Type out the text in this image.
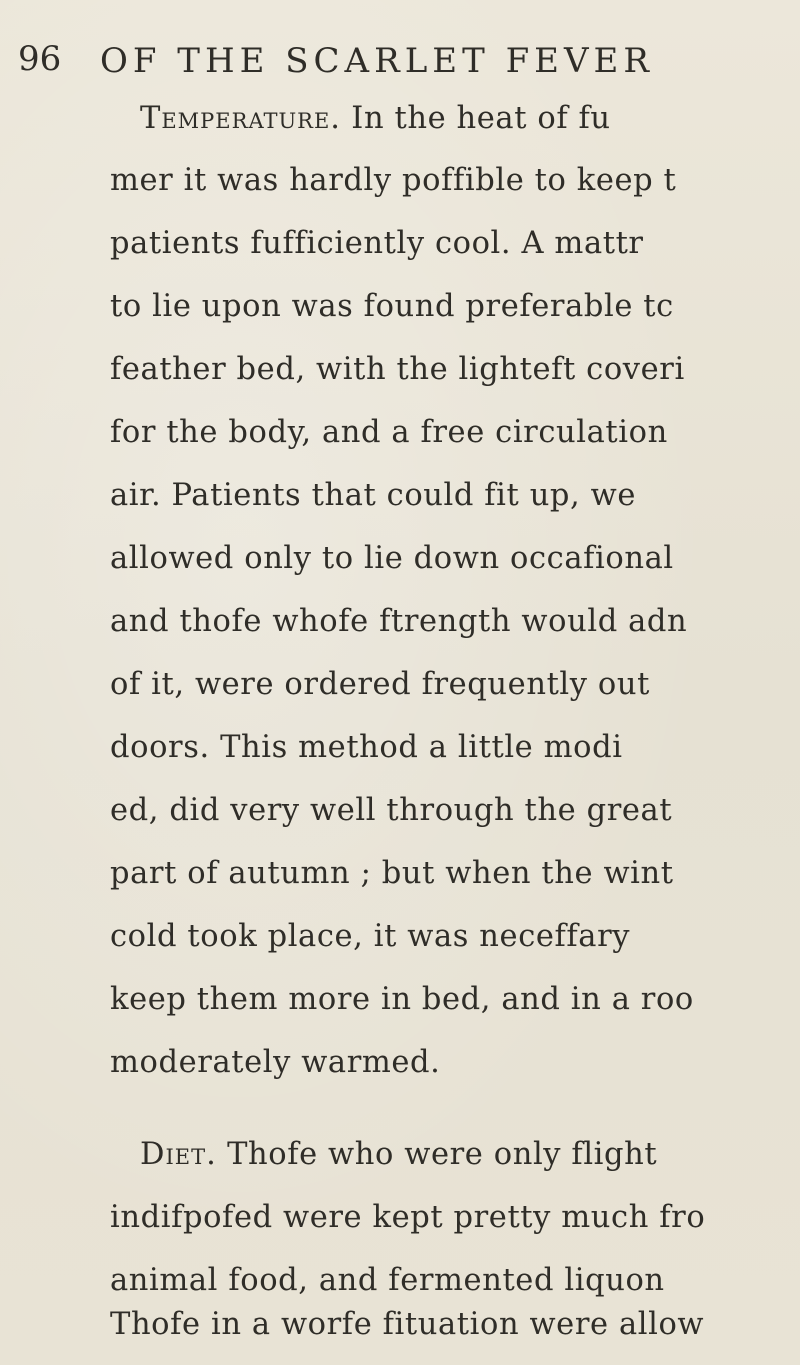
96 OF THE SCARLET FEVER
Temperature. In the heat of fu
mer it was hardly poffible to keep t
patients fufficiently cool. A mattr
to lie upon was found preferable tc
feather bed, with the lighteft coveri
for the body, and a free circulation
air. Patients that could fit up, we
allowed only to lie down occafional
and thofe whofe ftrength would adn
of it, were ordered frequently out
doors. This method a little modi
ed, did very well through the great
part of autumn ; but when the wint
cold took place, it was neceffary
keep them more in bed, and in a roo
moderately warmed.
Diet. Thofe who were only flight
indifpofed were kept pretty much fro
animal food, and fermented liquon
Thofe in a worfe fituation were allow
